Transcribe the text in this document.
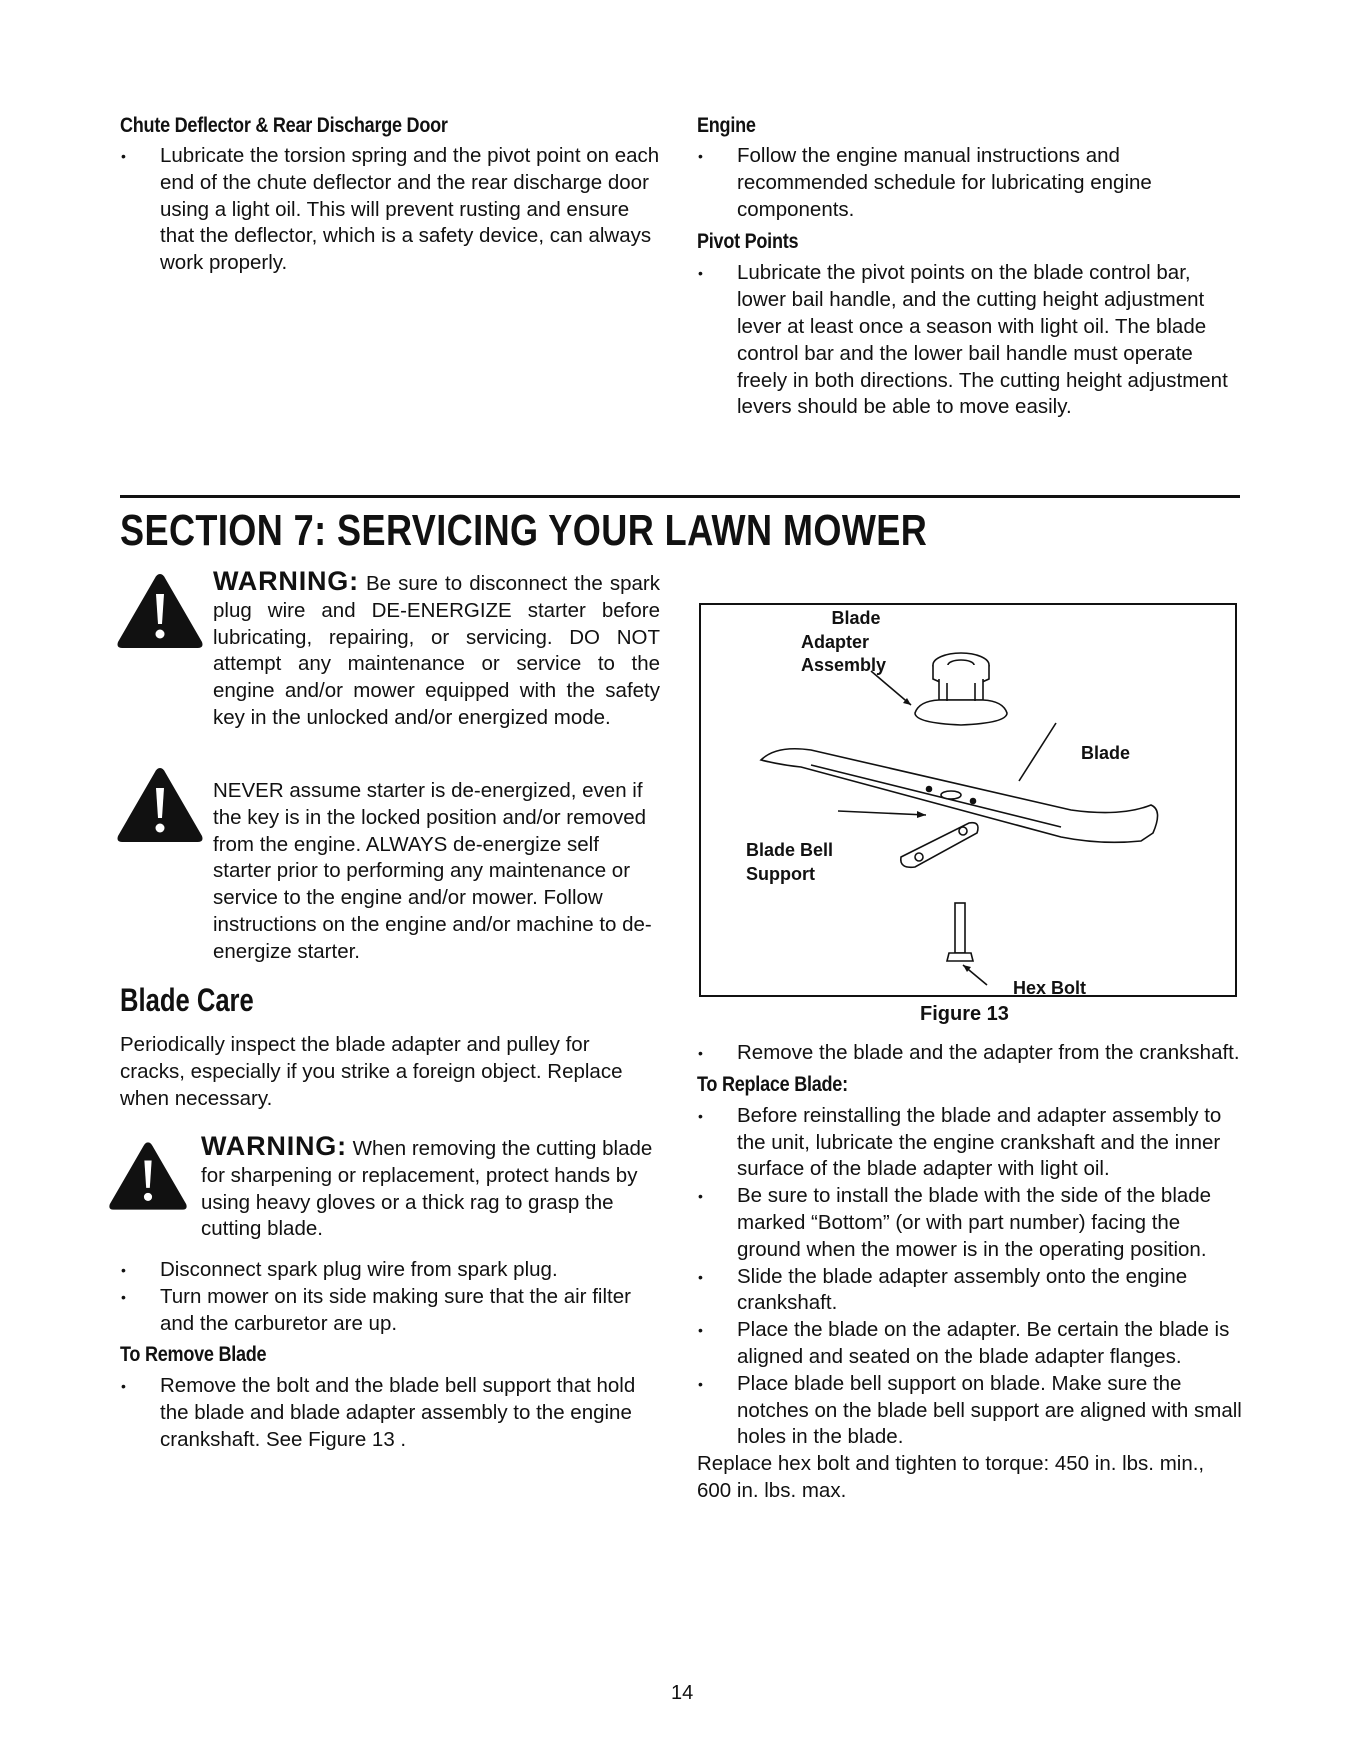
Chute Deflector & Rear Discharge Door
• Lubricate the torsion spring and the pivot point on each end of the chute deflector and the rear discharge door using a light oil. This will prevent rusting and ensure that the deflector, which is a safety device, can always work properly.
Engine
• Follow the engine manual instructions and recommended schedule for lubricating engine components.
Pivot Points
• Lubricate the pivot points on the blade control bar, lower bail handle, and the cutting height adjustment lever at least once a season with light oil. The blade control bar and the lower bail handle must operate freely in both directions. The cutting height adjustment levers should be able to move easily.
SECTION 7: SERVICING YOUR LAWN MOWER
WARNING: Be sure to disconnect the spark plug wire and DE-ENERGIZE starter before lubricating, repairing, or servicing. DO NOT attempt any maintenance or service to the engine and/or mower equipped with the safety key in the unlocked and/or energized mode.
NEVER assume starter is de-energized, even if the key is in the locked position and/or removed from the engine. ALWAYS de-energize self starter prior to performing any maintenance or service to the engine and/or mower. Follow instructions on the engine and/or machine to de-energize starter.
Blade Care
Periodically inspect the blade adapter and pulley for cracks, especially if you strike a foreign object. Replace when necessary.
WARNING: When removing the cutting blade for sharpening or replacement, protect hands by using heavy gloves or a thick rag to grasp the cutting blade.
• Disconnect spark plug wire from spark plug.
• Turn mower on its side making sure that the air filter and the carburetor are up.
To Remove Blade
• Remove the bolt and the blade bell support that hold the blade and blade adapter assembly to the engine crankshaft. See Figure 13 .
Blade
Adapter
Assembly
Blade
Blade Bell
Support
Hex Bolt
Figure 13
• Remove the blade and the adapter from the crankshaft.
To Replace Blade:
• Before reinstalling the blade and adapter assembly to the unit, lubricate the engine crankshaft and the inner surface of the blade adapter with light oil.
• Be sure to install the blade with the side of the blade marked “Bottom” (or with part number) facing the ground when the mower is in the operating position.
• Slide the blade adapter assembly onto the engine crankshaft.
• Place the blade on the adapter. Be certain the blade is aligned and seated on the blade adapter flanges.
• Place blade bell support on blade. Make sure the notches on the blade bell support are aligned with small holes in the blade.
Replace hex bolt and tighten to torque: 450 in. lbs. min., 600 in. lbs. max.
14
